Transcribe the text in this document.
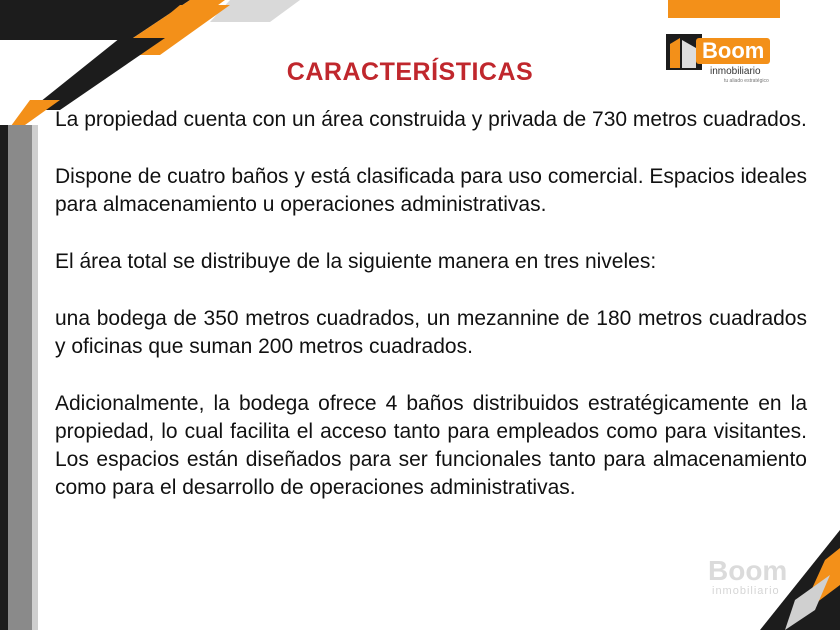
CARACTERÍSTICAS
Boom
inmobiliario
tu aliado estratégico

La propiedad cuenta con un área construida y privada de 730 metros cuadrados.

Dispone de cuatro baños y está clasificada para uso comercial. Espacios ideales para almacenamiento u operaciones administrativas.

El área total se distribuye de la siguiente manera en tres niveles:

una bodega de 350 metros cuadrados, un mezannine de 180 metros cuadrados y oficinas que suman 200 metros cuadrados.

Adicionalmente, la bodega ofrece 4 baños distribuidos estratégicamente en la propiedad, lo cual facilita el acceso tanto para empleados como para visitantes. Los espacios están diseñados para ser funcionales tanto para almacenamiento como para el desarrollo de operaciones administrativas.

Boom
inmobiliario
